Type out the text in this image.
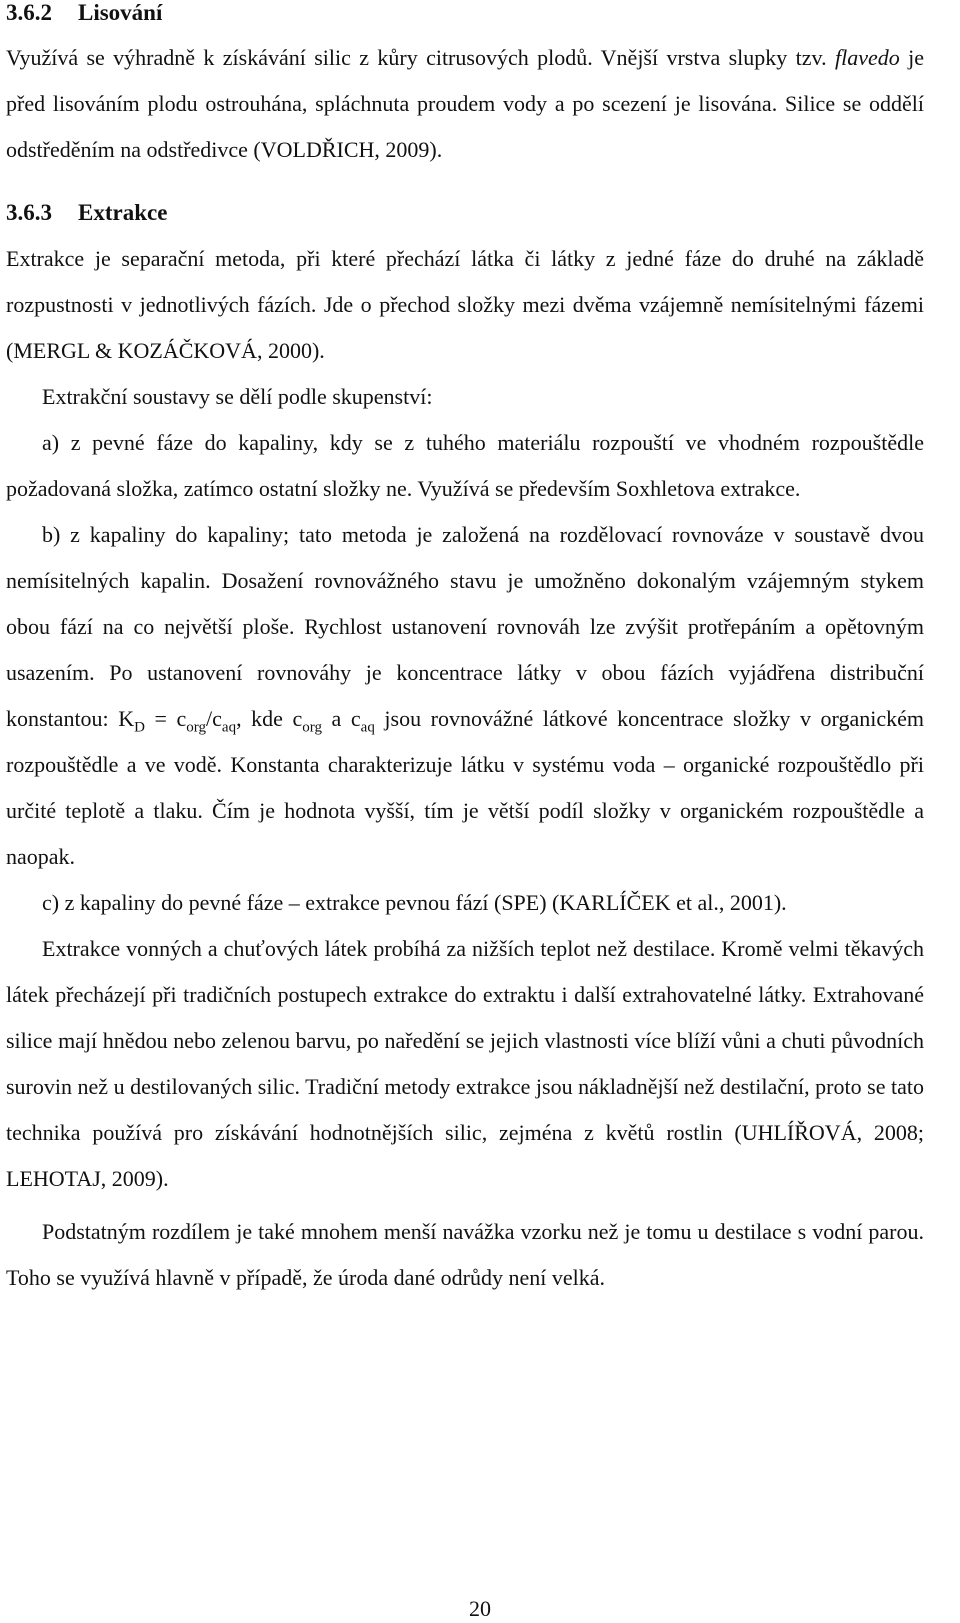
3.6.2 Lisování

Využívá se výhradně k získávání silic z kůry citrusových plodů. Vnější vrstva slupky tzv. flavedo je před lisováním plodu ostrouhána, spláchnuta proudem vody a po scezení je lisována. Silice se oddělí odstředěním na odstředivce (VOLDŘICH, 2009).

3.6.3 Extrakce

Extrakce je separační metoda, při které přechází látka či látky z jedné fáze do druhé na základě rozpustnosti v jednotlivých fázích. Jde o přechod složky mezi dvěma vzájemně nemísitelnými fázemi (MERGL & KOZÁČKOVÁ, 2000).

Extrakční soustavy se dělí podle skupenství:

a) z pevné fáze do kapaliny, kdy se z tuhého materiálu rozpouští ve vhodném rozpouštědle požadovaná složka, zatímco ostatní složky ne. Využívá se především Soxhletova extrakce.

b) z kapaliny do kapaliny; tato metoda je založená na rozdělovací rovnováze v soustavě dvou nemísitelných kapalin. Dosažení rovnovážného stavu je umožněno dokonalým vzájemným stykem obou fází na co největší ploše. Rychlost ustanovení rovnováh lze zvýšit protřepáním a opětovným usazením. Po ustanovení rovnováhy je koncentrace látky v obou fázích vyjádřena distribuční konstantou: $K_D = c_{org}/c_{aq}$, kde $c_{org}$ a $c_{aq}$ jsou rovnovážné látkové koncentrace složky v organickém rozpouštědle a ve vodě. Konstanta charakterizuje látku v systému voda – organické rozpouštědlo při určité teplotě a tlaku. Čím je hodnota vyšší, tím je větší podíl složky v organickém rozpouštědle a naopak.

c) z kapaliny do pevné fáze – extrakce pevnou fází (SPE) (KARLÍČEK et al., 2001).

Extrakce vonných a chuťových látek probíhá za nižších teplot než destilace. Kromě velmi těkavých látek přecházejí při tradičních postupech extrakce do extraktu i další extrahovatelné látky. Extrahované silice mají hnědou nebo zelenou barvu, po naředění se jejich vlastnosti více blíží vůni a chuti původních surovin než u destilovaných silic. Tradiční metody extrakce jsou nákladnější než destilační, proto se tato technika používá pro získávání hodnotnějších silic, zejména z květů rostlin (UHLÍŘOVÁ, 2008; LEHOTAJ, 2009).

Podstatným rozdílem je také mnohem menší navážka vzorku než je tomu u destilace s vodní parou. Toho se využívá hlavně v případě, že úroda dané odrůdy není velká.

20
